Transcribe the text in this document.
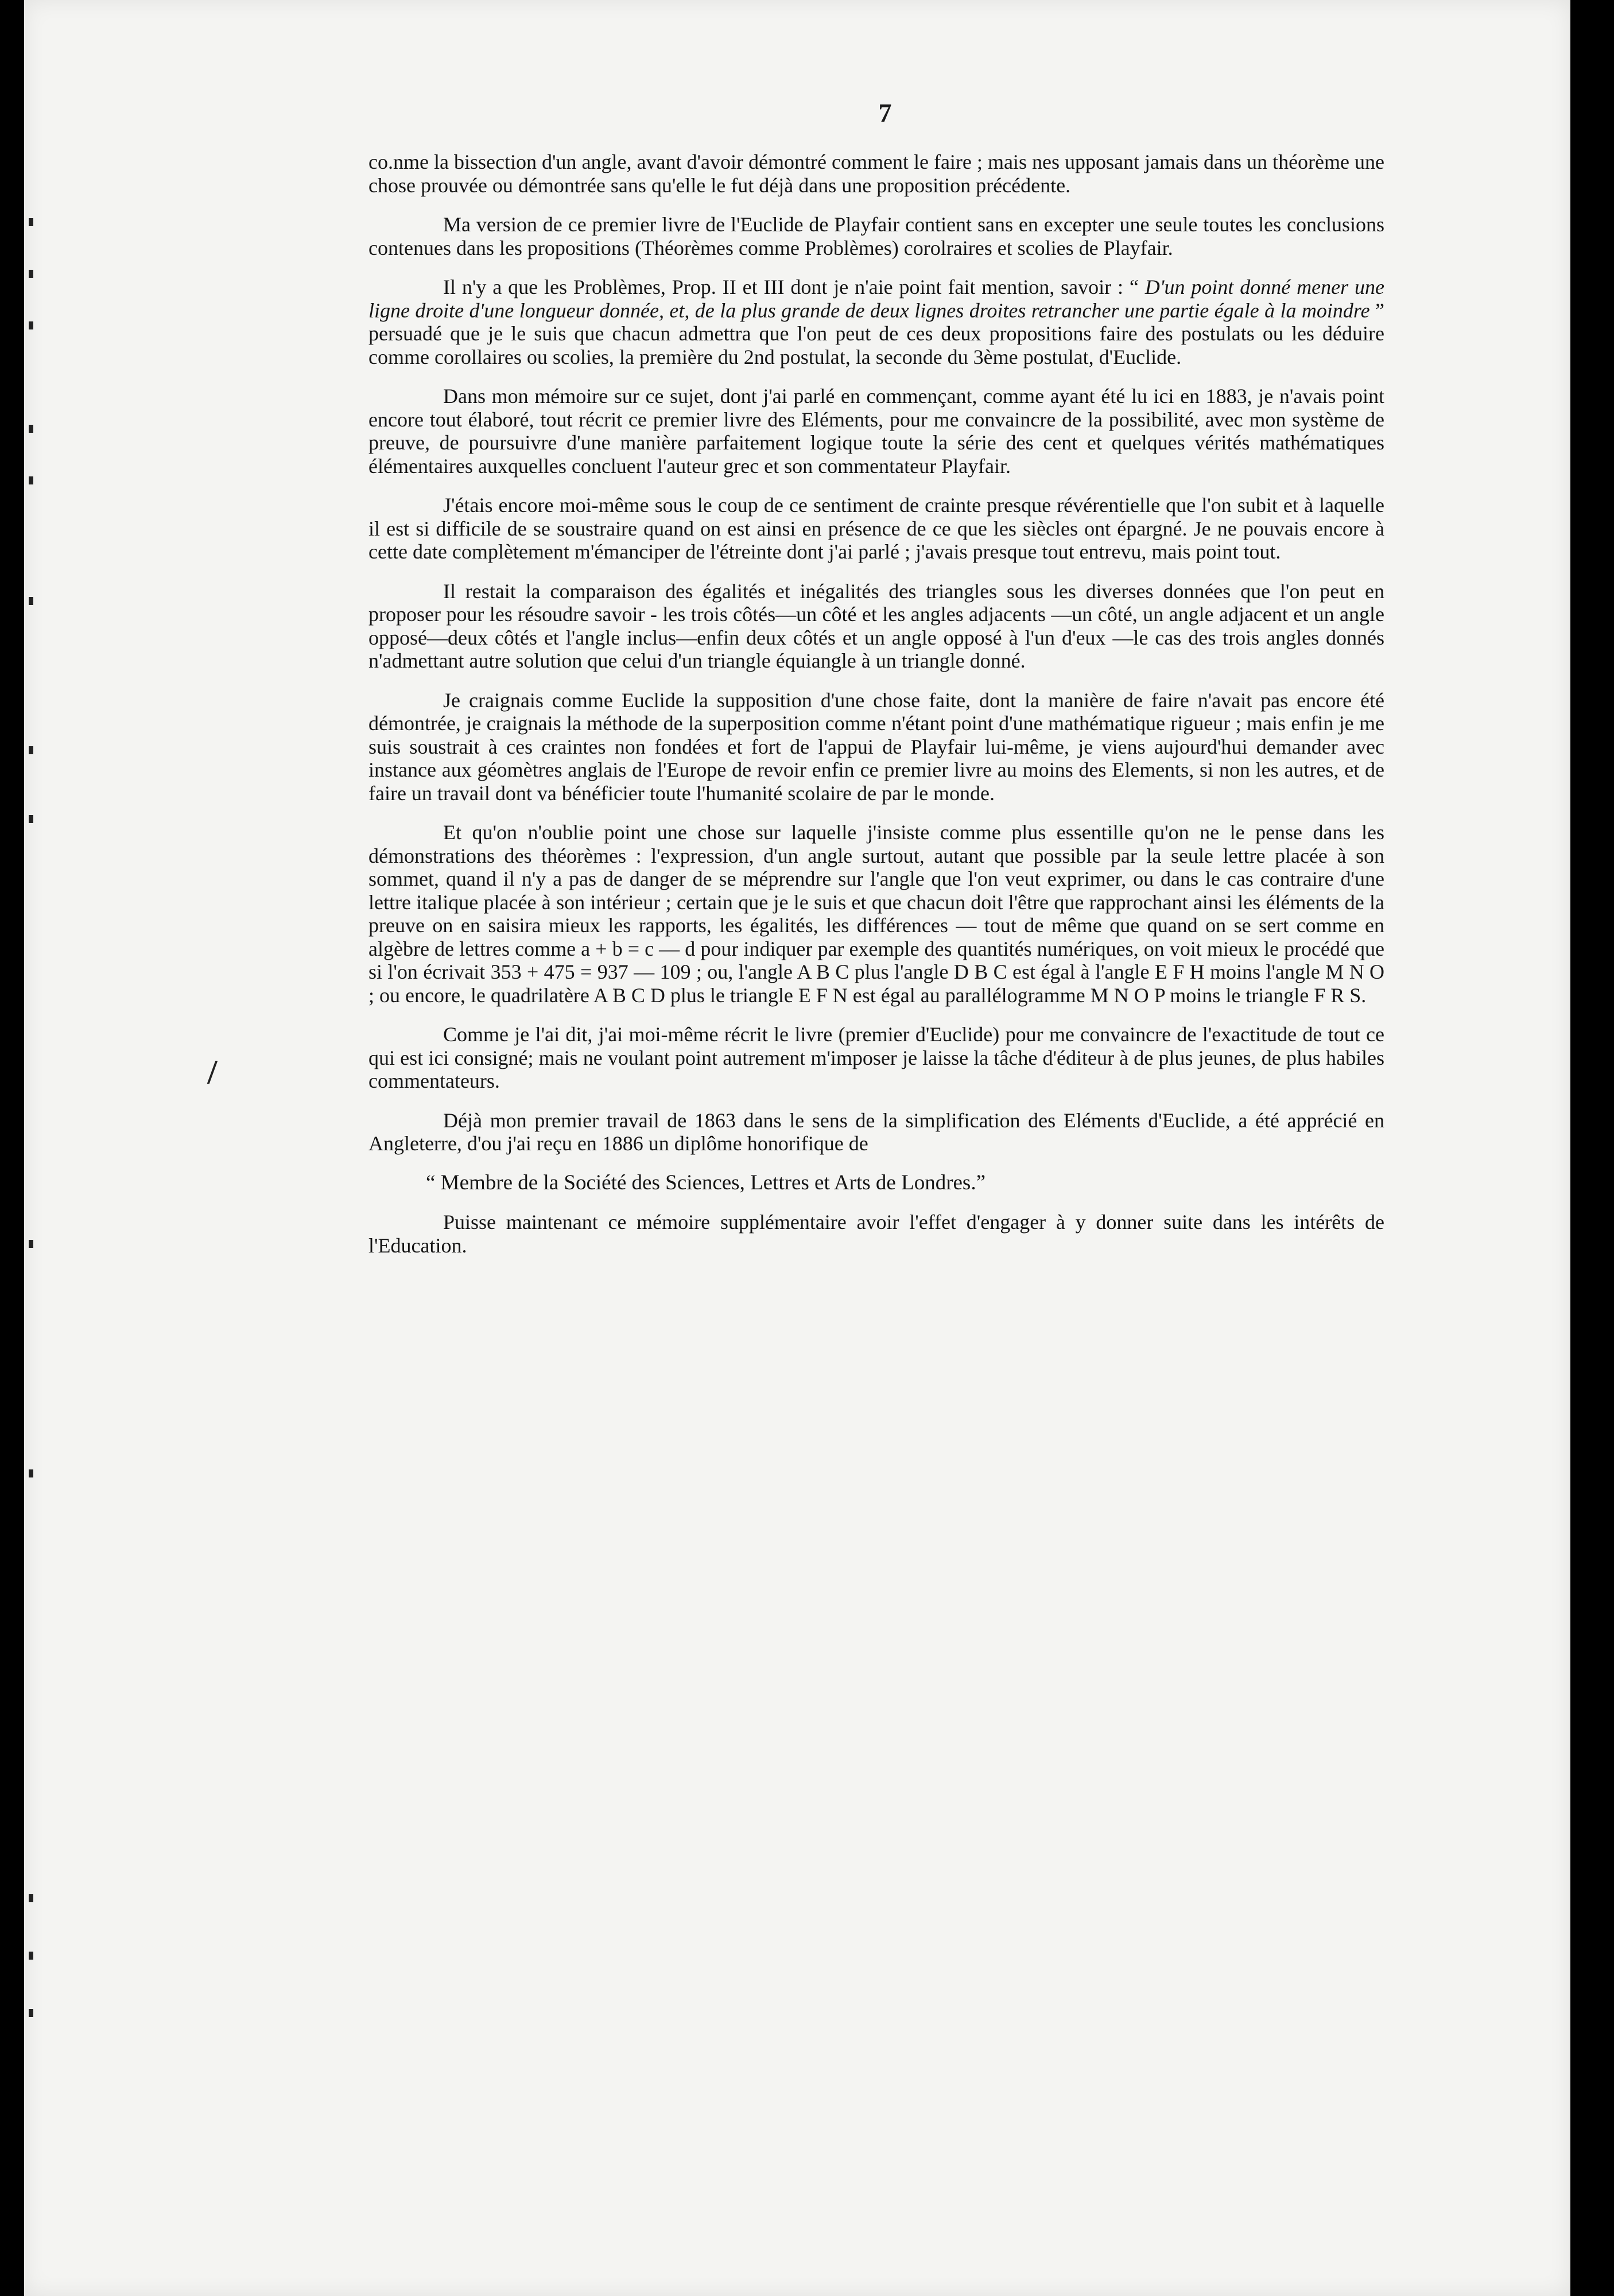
7

co.nme la bissection d'un angle, avant d'avoir démontré comment le faire ; mais nes upposant jamais dans un théorème une chose prouvée ou démontrée sans qu'elle le fut déjà dans une proposition précédente.

Ma version de ce premier livre de l'Euclide de Playfair contient sans en excepter une seule toutes les conclusions contenues dans les propositions (Théorèmes comme Problèmes) corolraires et scolies de Playfair.

Il n'y a que les Problèmes, Prop. II et III dont je n'aie point fait mention, savoir : “ D'un point donné mener une ligne droite d'une longueur donnée, et, de la plus grande de deux lignes droites retrancher une partie égale à la moindre ” persuadé que je le suis que chacun admettra que l'on peut de ces deux propositions faire des postulats ou les déduire comme corollaires ou scolies, la première du 2nd postulat, la seconde du 3ème postulat, d'Euclide.

Dans mon mémoire sur ce sujet, dont j'ai parlé en commençant, comme ayant été lu ici en 1883, je n'avais point encore tout élaboré, tout récrit ce premier livre des Eléments, pour me convaincre de la possibilité, avec mon système de preuve, de poursuivre d'une manière parfaitement logique toute la série des cent et quelques vérités mathématiques élémentaires auxquelles concluent l'auteur grec et son commentateur Playfair.

J'étais encore moi-même sous le coup de ce sentiment de crainte presque révérentielle que l'on subit et à laquelle il est si difficile de se soustraire quand on est ainsi en présence de ce que les siècles ont épargné. Je ne pouvais encore à cette date complètement m'émanciper de l'étreinte dont j'ai parlé ; j'avais presque tout entrevu, mais point tout.

Il restait la comparaison des égalités et inégalités des triangles sous les diverses données que l'on peut en proposer pour les résoudre savoir - les trois côtés—un côté et les angles adjacents —un côté, un angle adjacent et un angle opposé—deux côtés et l'angle inclus—enfin deux côtés et un angle opposé à l'un d'eux —le cas des trois angles donnés n'admettant autre solution que celui d'un triangle équiangle à un triangle donné.

Je craignais comme Euclide la supposition d'une chose faite, dont la manière de faire n'avait pas encore été démontrée, je craignais la méthode de la superposition comme n'étant point d'une mathématique rigueur ; mais enfin je me suis soustrait à ces craintes non fondées et fort de l'appui de Playfair lui-même, je viens aujourd'hui demander avec instance aux géomètres anglais de l'Europe de revoir enfin ce premier livre au moins des Elements, si non les autres, et de faire un travail dont va bénéficier toute l'humanité scolaire de par le monde.

Et qu'on n'oublie point une chose sur laquelle j'insiste comme plus essentille qu'on ne le pense dans les démonstrations des théorèmes : l'expression, d'un angle surtout, autant que possible par la seule lettre placée à son sommet, quand il n'y a pas de danger de se méprendre sur l'angle que l'on veut exprimer, ou dans le cas contraire d'une lettre italique placée à son intérieur ; certain que je le suis et que chacun doit l'être que rapprochant ainsi les éléments de la preuve on en saisira mieux les rapports, les égalités, les différences — tout de même que quand on se sert comme en algèbre de lettres comme a + b = c — d pour indiquer par exemple des quantités numériques, on voit mieux le procédé que si l'on écrivait 353 + 475 = 937 — 109 ; ou, l'angle A B C plus l'angle D B C est égal à l'angle E F H moins l'angle M N O ; ou encore, le quadrilatère A B C D plus le triangle E F N est égal au parallélogramme M N O P moins le triangle F R S.

Comme je l'ai dit, j'ai moi-même récrit le livre (premier d'Euclide) pour me convaincre de l'exactitude de tout ce qui est ici consigné; mais ne voulant point autrement m'imposer je laisse la tâche d'éditeur à de plus jeunes, de plus habiles commentateurs.

Déjà mon premier travail de 1863 dans le sens de la simplification des Eléments d'Euclide, a été apprécié en Angleterre, d'ou j'ai reçu en 1886 un diplôme honorifique de

“ Membre de la Société des Sciences, Lettres et Arts de Londres.”

Puisse maintenant ce mémoire supplémentaire avoir l'effet d'engager à y donner suite dans les intérêts de l'Education.
